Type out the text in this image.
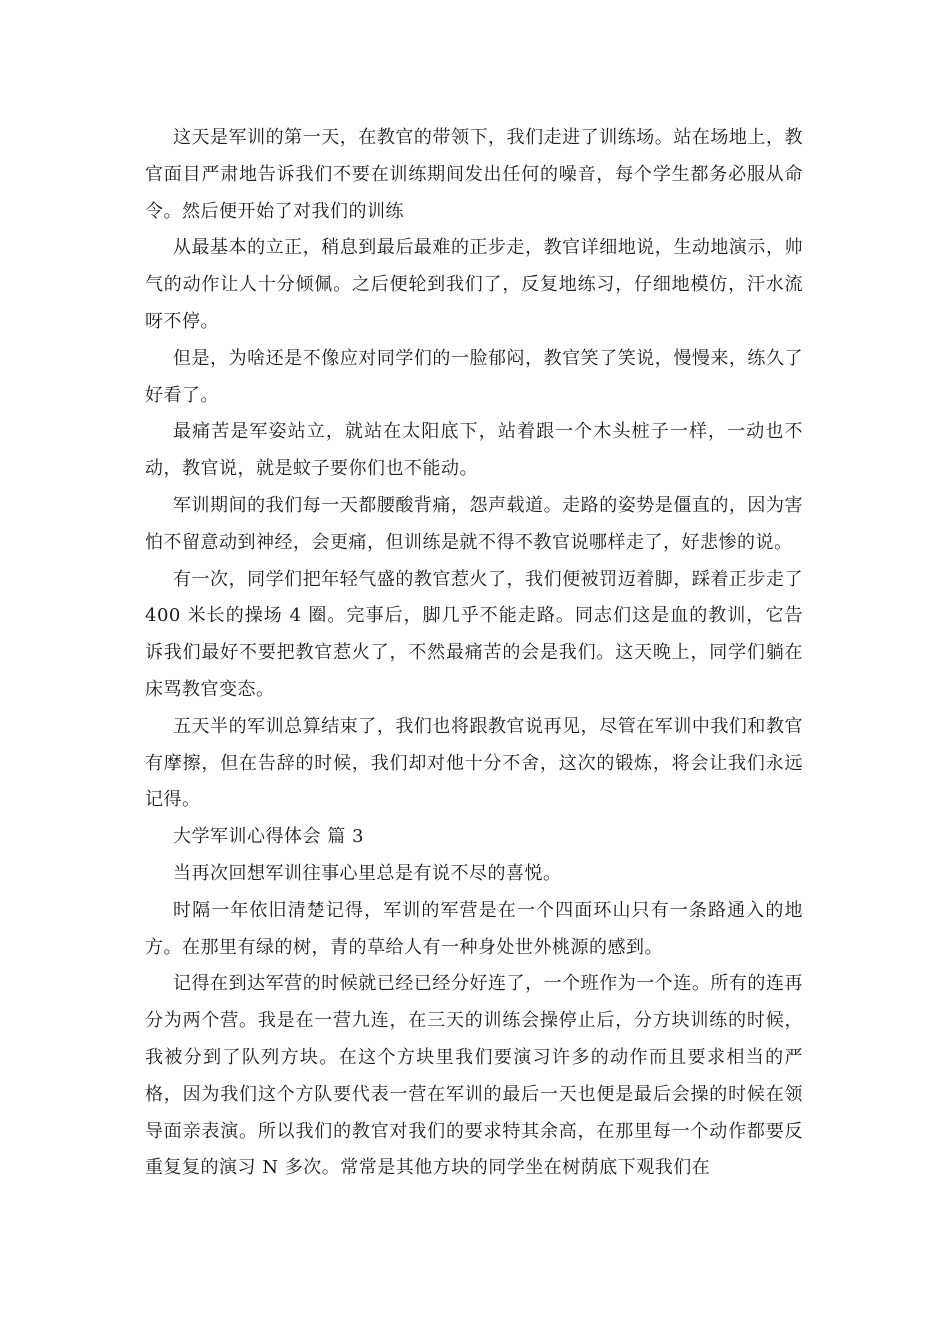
这天是军训的第一天，在教官的带领下，我们走进了训练场。站在场地上，教官面目严肃地告诉我们不要在训练期间发出任何的噪音，每个学生都务必服从命令。然后便开始了对我们的训练

从最基本的立正，稍息到最后最难的正步走，教官详细地说，生动地演示，帅气的动作让人十分倾佩。之后便轮到我们了，反复地练习，仔细地模仿，汗水流呀不停。

但是，为啥还是不像应对同学们的一脸郁闷，教官笑了笑说，慢慢来，练久了好看了。

最痛苦是军姿站立，就站在太阳底下，站着跟一个木头桩子一样，一动也不动，教官说，就是蚊子要你们也不能动。

军训期间的我们每一天都腰酸背痛，怨声载道。走路的姿势是僵直的，因为害怕不留意动到神经，会更痛，但训练是就不得不教官说哪样走了，好悲惨的说。

有一次，同学们把年轻气盛的教官惹火了，我们便被罚迈着脚，踩着正步走了 400 米长的操场 4 圈。完事后，脚几乎不能走路。同志们这是血的教训，它告诉我们最好不要把教官惹火了，不然最痛苦的会是我们。这天晚上，同学们躺在床骂教官变态。

五天半的军训总算结束了，我们也将跟教官说再见，尽管在军训中我们和教官有摩擦，但在告辞的时候，我们却对他十分不舍，这次的锻炼，将会让我们永远记得。

大学军训心得体会 篇 3

当再次回想军训往事心里总是有说不尽的喜悦。

时隔一年依旧清楚记得，军训的军营是在一个四面环山只有一条路通入的地方。在那里有绿的树，青的草给人有一种身处世外桃源的感到。

记得在到达军营的时候就已经已经分好连了，一个班作为一个连。所有的连再分为两个营。我是在一营九连，在三天的训练会操停止后，分方块训练的时候，我被分到了队列方块。在这个方块里我们要演习许多的动作而且要求相当的严格，因为我们这个方队要代表一营在军训的最后一天也便是最后会操的时候在领导面亲表演。所以我们的教官对我们的要求特其余高，在那里每一个动作都要反重复复的演习 N 多次。常常是其他方块的同学坐在树荫底下观我们在
